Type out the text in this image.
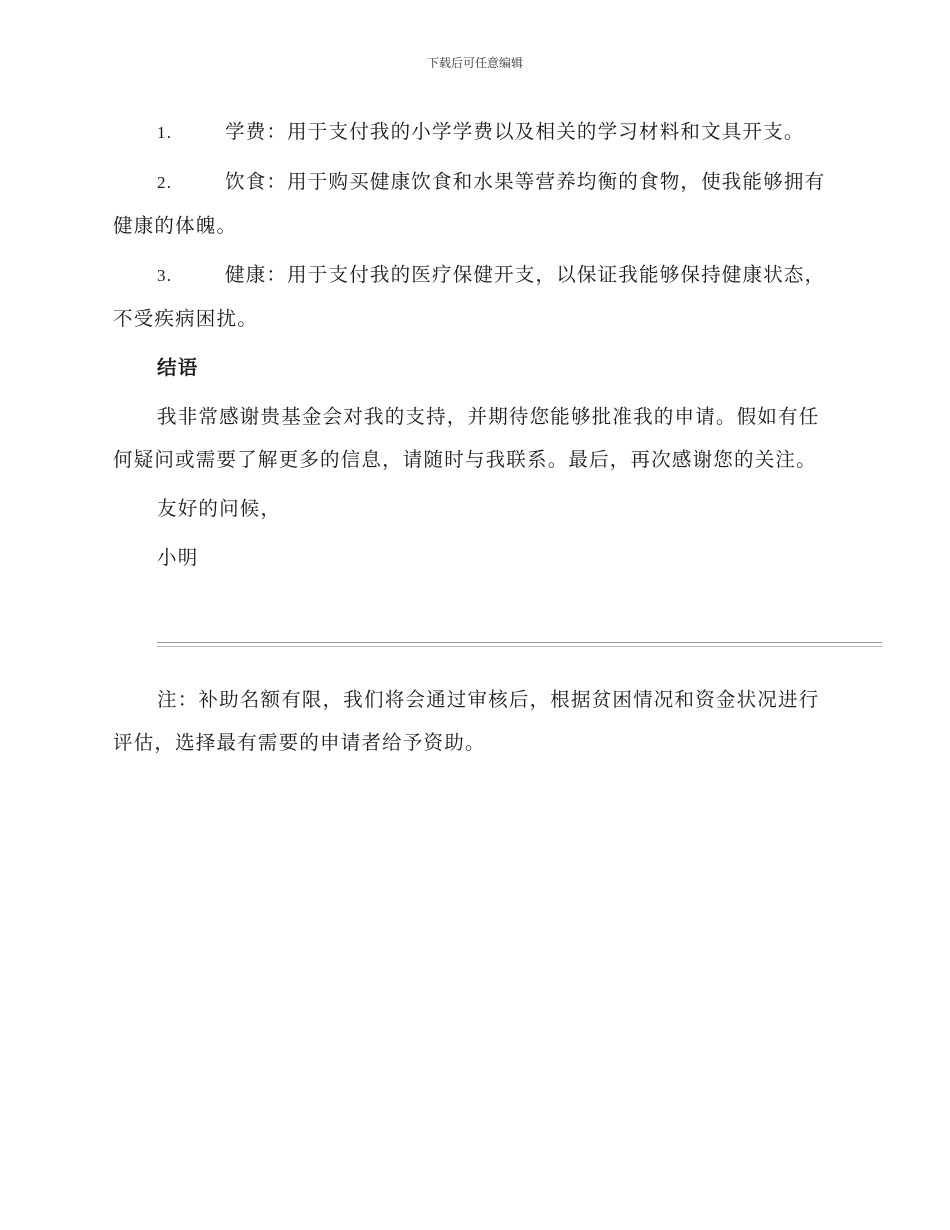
下载后可任意编辑

1.	学费：用于支付我的小学学费以及相关的学习材料和文具开支。

2.	饮食：用于购买健康饮食和水果等营养均衡的食物，使我能够拥有健康的体魄。

3.	健康：用于支付我的医疗保健开支，以保证我能够保持健康状态，不受疾病困扰。

结语

我非常感谢贵基金会对我的支持，并期待您能够批准我的申请。假如有任何疑问或需要了解更多的信息，请随时与我联系。最后，再次感谢您的关注。

友好的问候，

小明

注：补助名额有限，我们将会通过审核后，根据贫困情况和资金状况进行评估，选择最有需要的申请者给予资助。
